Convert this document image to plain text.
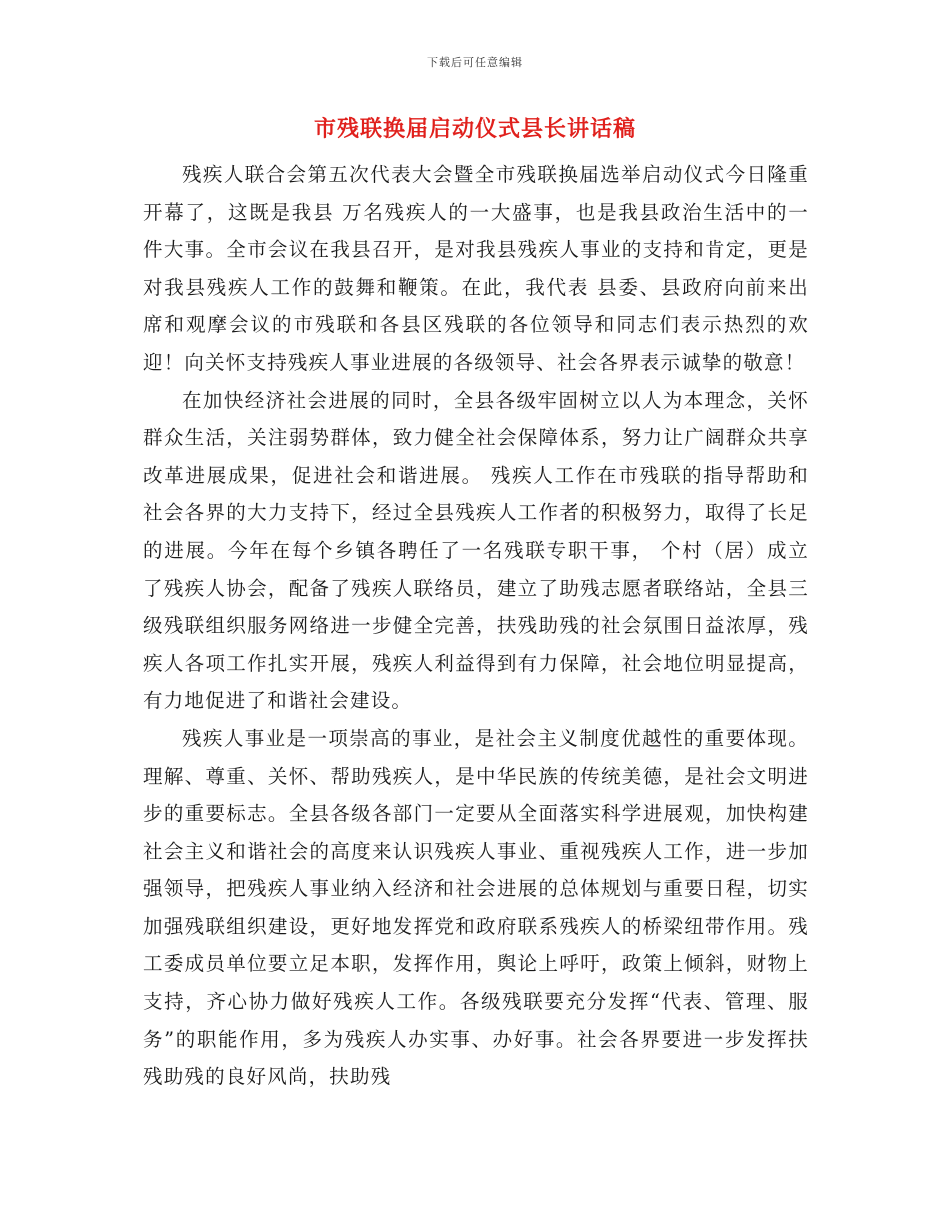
下载后可任意编辑
市残联换届启动仪式县长讲话稿

残疾人联合会第五次代表大会暨全市残联换届选举启动仪式今日隆重开幕了，这既是我县 万名残疾人的一大盛事，也是我县政治生活中的一件大事。全市会议在我县召开，是对我县残疾人事业的支持和肯定，更是对我县残疾人工作的鼓舞和鞭策。在此，我代表 县委、县政府向前来出席和观摩会议的市残联和各县区残联的各位领导和同志们表示热烈的欢迎！向关怀支持残疾人事业进展的各级领导、社会各界表示诚挚的敬意！

在加快经济社会进展的同时，全县各级牢固树立以人为本理念，关怀群众生活，关注弱势群体，致力健全社会保障体系，努力让广阔群众共享改革进展成果，促进社会和谐进展。 残疾人工作在市残联的指导帮助和社会各界的大力支持下，经过全县残疾人工作者的积极努力，取得了长足的进展。今年在每个乡镇各聘任了一名残联专职干事， 个村（居）成立了残疾人协会，配备了残疾人联络员，建立了助残志愿者联络站，全县三级残联组织服务网络进一步健全完善，扶残助残的社会氛围日益浓厚，残疾人各项工作扎实开展，残疾人利益得到有力保障，社会地位明显提高，有力地促进了和谐社会建设。

残疾人事业是一项崇高的事业，是社会主义制度优越性的重要体现。理解、尊重、关怀、帮助残疾人，是中华民族的传统美德，是社会文明进步的重要标志。全县各级各部门一定要从全面落实科学进展观，加快构建社会主义和谐社会的高度来认识残疾人事业、重视残疾人工作，进一步加强领导，把残疾人事业纳入经济和社会进展的总体规划与重要日程，切实加强残联组织建设，更好地发挥党和政府联系残疾人的桥梁纽带作用。残工委成员单位要立足本职，发挥作用，舆论上呼吁，政策上倾斜，财物上支持，齐心协力做好残疾人工作。各级残联要充分发挥“代表、管理、服务”的职能作用，多为残疾人办实事、办好事。社会各界要进一步发挥扶残助残的良好风尚，扶助残
